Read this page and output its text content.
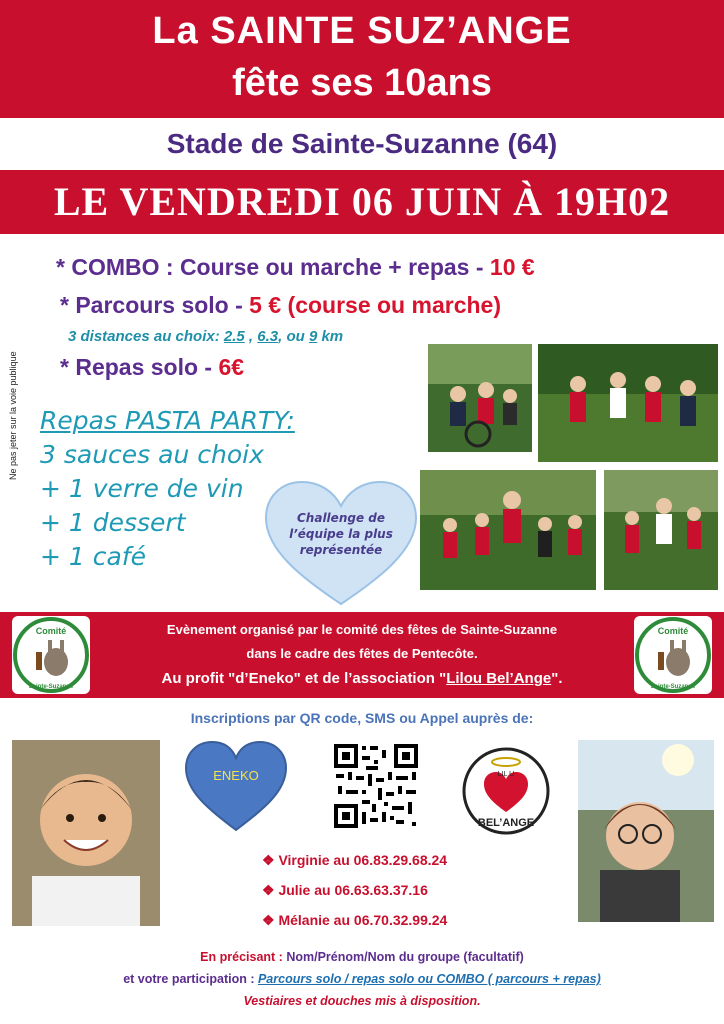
La SAINTE SUZ’ANGE
fête ses 10ans
Stade de Sainte-Suzanne (64)
LE VENDREDI 06 JUIN À 19H02
* COMBO : Course ou marche + repas - 10 €
* Parcours solo - 5 € (course ou marche)
3 distances au choix: 2.5 , 6.3, ou 9 km
* Repas solo - 6€
Ne pas jeter sur la voie publique Repas PASTA PARTY:
3 sauces au choix
+ 1 verre de vin
+ 1 dessert
+ 1 café
Challenge de l’équipe la plus représentée
Comité
Sainte-Suzanne
Comité
Sainte-Suzanne
Evènement organisé par le comité des fêtes de Sainte-Suzanne
dans le cadre des fêtes de Pentecôte.
Au profit "d’Eneko" et de l’association "Lilou Bel’Ange".
Inscriptions par QR code, SMS ou Appel auprès de:
ENEKO	LIL U
BEL’ANGE
❖ Virginie au 06.83.29.68.24
❖ Julie au 06.63.63.37.16
❖ Mélanie au 06.70.32.99.24
En précisant : Nom/Prénom/Nom du groupe (facultatif)
et votre participation : Parcours solo / repas solo ou COMBO ( parcours + repas)
Vestiaires et douches mis à disposition.
